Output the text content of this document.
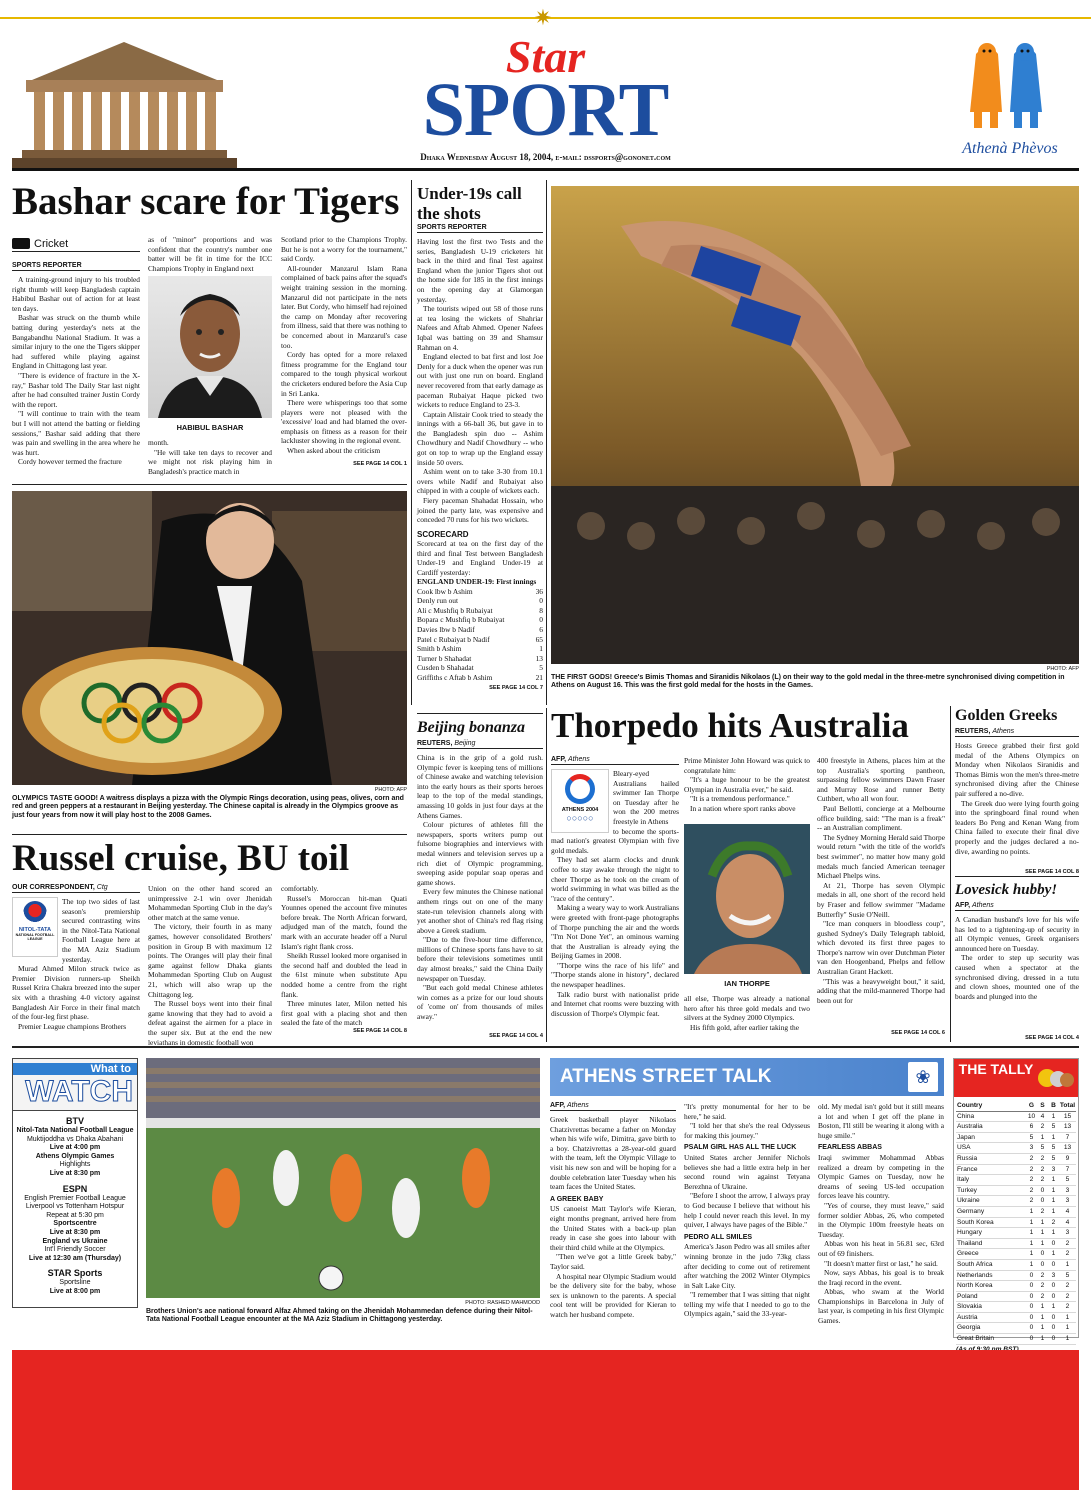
✷
Star
SPORT
Dhaka Wednesday August 18, 2004, e-mail: dssports@gononet.com	Athenà Phèvos
Bashar scare for Tigers
Cricket
SPORTS REPORTER

A training-ground injury to his troubled right thumb will keep Bangladesh captain Habibul Bashar out of action for at least ten days.

Bashar was struck on the thumb while batting during yesterday's nets at the Bangabandhu National Stadium. It was a similar injury to the one the Tigers skipper had suffered while playing against England in Chittagong last year.

"There is evidence of fracture in the X-ray," Bashar told The Daily Star last night after he had consulted trainer Justin Cordy with the report.

"I will continue to train with the team but I will not attend the batting or fielding sessions," Bashar said adding that there was pain and swelling in the area where he was hurt.

Cordy however termed the fracture

as of "minor" proportions and was confident that the country's number one batter will be fit in time for the ICC Champions Trophy in England next
HABIBUL BASHAR
month.

"He will take ten days to recover and we might not risk playing him in Bangladesh's practice match in

Scotland prior to the Champions Trophy. But he is not a worry for the tournament," said Cordy.

All-rounder Manzarul Islam Rana complained of back pains after the squad's weight training session in the morning. Manzarul did not participate in the nets later. But Cordy, who himself had rejoined the camp on Monday after recovering from illness, said that there was nothing to be concerned about in Manzarul's case too.

Cordy has opted for a more relaxed fitness programme for the England tour compared to the tough physical workout the cricketers endured before the Asia Cup in Sri Lanka.

There were whisperings too that some players were not pleased with the 'excessive' load and had blamed the over-emphasis on fitness as a reason for their lackluster showing in the regional event.

When asked about the criticism

SEE PAGE 14 COL 1
PHOTO: AFP
OLYMPICS TASTE GOOD! A waitress displays a pizza with the Olympic Rings decoration, using peas, olives, corn and red and green peppers at a restaurant in Beijing yesterday. The Chinese capital is already in the Olympics groove as just four years from now it will play host to the 2008 Games.
Russel cruise, BU toil
OUR CORRESPONDENT, Ctg
NITOL-TATA
NATIONAL FOOTBALL LEAGUE
The top two sides of last season's premiership secured contrasting wins in the Nitol-Tata National Football League here at the MA Aziz Stadium yesterday.

Murad Ahmed Milon struck twice as Premier Division runners-up Sheikh Russel Krira Chakra breezed into the super six with a thrashing 4-0 victory against Bangladesh Air Force in their final match of the four-leg first phase.

Premier League champions Brothers

Union on the other hand scored an unimpressive 2-1 win over Jhenidah Mohammedan Sporting Club in the day's other match at the same venue.

The victory, their fourth in as many games, however consolidated Brothers' position in Group B with maximum 12 points. The Oranges will play their final game against fellow Dhaka giants Mohammedan Sporting Club on August 21, which will also wrap up the Chittagong leg.

The Russel boys went into their final game knowing that they had to avoid a defeat against the airmen for a place in the super six. But at the end the new leviathans in domestic football won

comfortably.

Russel's Moroccan hit-man Quati Younnes opened the account five minutes before break. The North African forward, adjudged man of the match, found the mark with an accurate header off a Nurul Islam's right flank cross.

Sheikh Russel looked more organised in the second half and doubled the lead in the 61st minute when substitute Apu nodded home a centre from the right flank.

Three minutes later, Milon netted his first goal with a placing shot and then sealed the fate of the match

SEE PAGE 14 COL 8
Under-19s call the shots
SPORTS REPORTER
Having lost the first two Tests and the series, Bangladesh U-19 cricketers hit back in the third and final Test against England when the junior Tigers shot out the home side for 185 in the first innings on the opening day at Glamorgan yesterday.

The tourists wiped out 58 of those runs at tea losing the wickets of Shahriar Nafees and Aftab Ahmed. Opener Nafees Iqbal was batting on 39 and Shamsur Rahman on 4.

England elected to bat first and lost Joe Denly for a duck when the opener was run out with just one run on board. England never recovered from that early damage as paceman Rubaiyat Haque picked two wickets to reduce England to 23-3.

Captain Alistair Cook tried to steady the innings with a 66-ball 36, but gave in to the Bangladesh spin duo -- Ashim Chowdhury and Nadif Chowdhury -- who got on top to wrap up the England essay inside 50 overs.

Ashim went on to take 3-30 from 10.1 overs while Nadif and Rubaiyat also chipped in with a couple of wickets each.

Fiery paceman Shahadat Hossain, who joined the party late, was expensive and conceded 70 runs for his two wickets.

SCORECARD
Scorecard at tea on the first day of the third and final Test between Bangladesh Under-19 and England Under-19 at Cardiff yesterday:
ENGLAND UNDER-19: First innings
Cook lbw b Ashim	36
Denly run out	0
Ali c Mushfiq b Rubaiyat	8
Bopara c Mushfiq b Rubaiyat	0
Davies lbw b Nadif	6
Patel c Rubaiyat b Nadif	65
Smith b Ashim	1
Turner b Shahadat	13
Cusden b Shahadat	5
Griffiths c Aftab b Ashim	21
SEE PAGE 14 COL 7
PHOTO: AFP
THE FIRST GODS! Greece's Bimis Thomas and Siranidis Nikolaos (L) on their way to the gold medal in the three-metre synchronised diving competition in Athens on August 16. This was the first gold medal for the hosts in the Games.
Beijing bonanza
REUTERS, Beijing
China is in the grip of a gold rush. Olympic fever is keeping tens of millions of Chinese awake and watching television into the early hours as their sports heroes leap to the top of the medal standings, amassing 10 golds in just four days at the Athens Games.

Colour pictures of athletes fill the newspapers, sports writers pump out fulsome biographies and interviews with medal winners and television serves up a rich diet of Olympic programming, sweeping aside popular soap operas and game shows.

Every few minutes the Chinese national anthem rings out on one of the many state-run television channels along with yet another shot of China's red flag rising above a Greek stadium.

"Due to the five-hour time difference, millions of Chinese sports fans have to sit before their televisions sometimes until day almost breaks," said the China Daily newspaper on Tuesday.

"But each gold medal Chinese athletes win comes as a prize for our loud shouts of 'come on' from thousands of miles away."

SEE PAGE 14 COL 4
Thorpedo hits Australia
AFP, Athens
ATHENS 2004
○○○○○
Bleary-eyed Australians hailed swimmer Ian Thorpe on Tuesday after he won the 200 metres freestyle in Athens
to become the sports-mad nation's greatest Olympian with five gold medals.

They had set alarm clocks and drunk coffee to stay awake through the night to cheer Thorpe as he took on the cream of world swimming in what was billed as the "race of the century".

Making a weary way to work Australians were greeted with front-page photographs of Thorpe punching the air and the words "I'm Not Done Yet", an ominous warning that the Australian is already eying the Beijing Games in 2008.

"Thorpe wins the race of his life" and "Thorpe stands alone in history", declared the newspaper headlines.

Talk radio burst with nationalist pride and Internet chat rooms were buzzing with discussion of Thorpe's Olympic feat.

Prime Minister John Howard was quick to congratulate him:

"It's a huge honour to be the greatest Olympian in Australia ever," he said.

"It is a tremendous performance."

In a nation where sport ranks above

IAN THORPE
all else, Thorpe was already a national hero after his three gold medals and two silvers at the Sydney 2000 Olympics.

His fifth gold, after earlier taking the

400 freestyle in Athens, places him at the top Australia's sporting pantheon, surpassing fellow swimmers Dawn Fraser and Murray Rose and runner Betty Cuthbert, who all won four.

Paul Bellotti, concierge at a Melbourne office building, said: "The man is a freak" -- an Australian compliment.

The Sydney Morning Herald said Thorpe would return "with the title of the world's best swimmer", no matter how many gold medals much fancied American teenager Michael Phelps wins.

At 21, Thorpe has seven Olympic medals in all, one short of the record held by Fraser and fellow swimmer "Madame Butterfly" Susie O'Neill.

"Ice man conquers in bloodless coup", gushed Sydney's Daily Telegraph tabloid, which devoted its first three pages to Thorpe's narrow win over Dutchman Pieter van den Hoogenband, Phelps and fellow Australian Grant Hackett.

"This was a heavyweight bout," it said, adding that the mild-mannered Thorpe had been out for

SEE PAGE 14 COL 6
Golden Greeks
REUTERS, Athens
Hosts Greece grabbed their first gold medal of the Athens Olympics on Monday when Nikolaos Siranidis and Thomas Bimis won the men's three-metre synchronised diving after the Chinese pair suffered a no-dive.

The Greek duo were lying fourth going into the springboard final round when leaders Bo Peng and Kenan Wang from China failed to execute their final dive properly and the judges declared a no-dive, awarding no points.

SEE PAGE 14 COL 8
Lovesick hubby!
AFP, Athens
A Canadian husband's love for his wife has led to a tightening-up of security in all Olympic venues, Greek organisers announced here on Tuesday.

The order to step up security was caused when a spectator at the synchronised diving, dressed in a tutu and clown shoes, mounted one of the boards and plunged into the

SEE PAGE 14 COL 4
What to
WATCH
BTV
Nitol-Tata National Football League
Muktijoddha vs Dhaka Abahani
Live at 4:00 pm
Athens Olympic Games
Highlights
Live at 8:30 pm
ESPN
English Premier Football League
Liverpool vs Tottenham Hotspur
Repeat at 5:30 pm
Sportscentre
Live at 8:30 pm
England vs Ukraine
Int'l Friendly Soccer
Live at 12:30 am (Thursday)
STAR Sports
Sportsline
Live at 8:00 pm
PHOTO: RASHED MAHMOOD
Brothers Union's ace national forward Alfaz Ahmed taking on the Jhenidah Mohammedan defence during their Nitol-Tata National Football League encounter at the MA Aziz Stadium in Chittagong yesterday.
ATHENS STREET TALK	❀
AFP, Athens
Greek basketball player Nikolaos Chatzivrettas became a father on Monday when his wife wife, Dimitra, gave birth to a boy. Chatzivrettas a 28-year-old guard with the team, left the Olympic Village to visit his new son and will be hoping for a double celebration later Tuesday when his team faces the United States.
A GREEK BABY
US canoeist Matt Taylor's wife Kieran, eight months pregnant, arrived here from the United States with a back-up plan ready in case she goes into labour with their third child while at the Olympics.

"Then we've got a little Greek baby," Taylor said.

A hospital near Olympic Stadium would be the delivery site for the baby, whose sex is unknown to the parents. A special cool tent will be provided for Kieran to watch her husband compete.

"It's pretty monumental for her to be here," he said.

"I told her that she's the real Odysseus for making this journey."

PSALM GIRL HAS ALL THE LUCK
United States archer Jennifer Nichols believes she had a little extra help in her second round win against Tetyana Berezhna of Ukraine.

"Before I shoot the arrow, I always pray to God because I believe that without his help I could never reach this level. In my quiver, I always have pages of the Bible."

PEDRO ALL SMILES
America's Jason Pedro was all smiles after winning bronze in the judo 73kg class after deciding to come out of retirement after watching the 2002 Winter Olympics in Salt Lake City.

"I remember that I was sitting that night telling my wife that I needed to go to the Olympics again," said the 33-year-

old. My medal isn't gold but it still means a lot and when I get off the plane in Boston, I'll still be wearing it along with a huge smile."
FEARLESS ABBAS
Iraqi swimmer Mohammad Abbas realized a dream by competing in the Olympic Games on Tuesday, now he dreams of seeing US-led occupation forces leave his country.

"Yes of course, they must leave," said former soldier Abbas, 26, who competed in the Olympic 100m freestyle heats on Tuesday.

Abbas won his heat in 56.81 sec, 63rd out of 69 finishers.

"It doesn't matter first or last," he said.

Now, says Abbas, his goal is to break the Iraqi record in the event.

Abbas, who swam at the World Championships in Barcelona in July of last year, is competing in his first Olympic Games.

THE TALLY
Country	G S B Total
China	10 4	1	15
Australia	6	2	5	13
Japan	5	1	1	7
USA	3	5	5	13
Russia	2	2	5	9
France	2	2	3	7
Italy	2	2	1	5
Turkey	2	0	1	3
Ukraine	2	0	1	3
Germany	1	2	1	4
South Korea	1	1	2	4
Hungary	1	1	1	3
Thailand	1	1	0	2
Greece	1	0	1	2
South Africa	1	0	0	1
Netherlands	0	2	3	5
North Korea	0	2	0	2
Poland	0	2	0	2
Slovakia	0	1	1	2
Austria	0	1	0	1
Georgia	0	1	0	1
Great Britain	0	1	0	1
